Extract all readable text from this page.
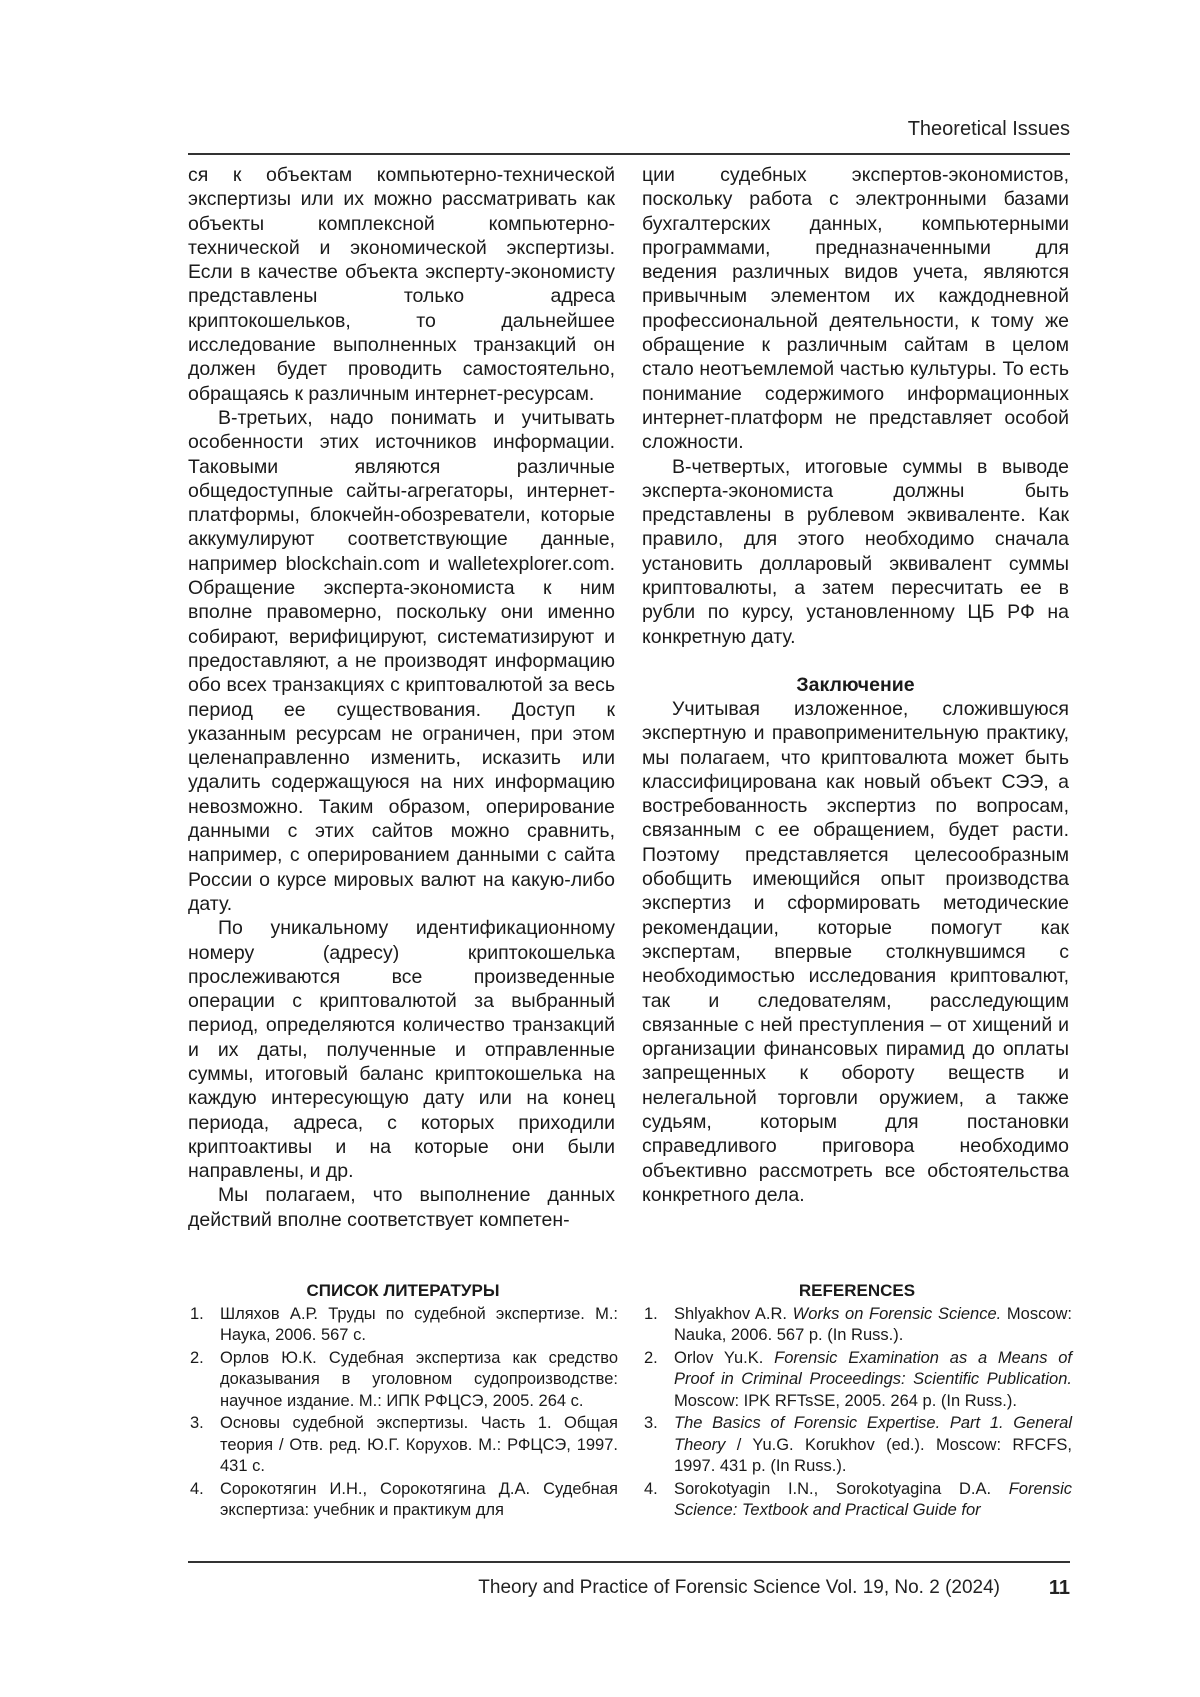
Theoretical Issues

ся к объектам компьютерно-технической экспертизы или их можно рассматривать как объекты комплексной компьютерно-технической и экономической экспертизы. Если в качестве объекта эксперту-экономисту представлены только адреса криптокошельков, то дальнейшее исследование выполненных транзакций он должен будет проводить самостоятельно, обращаясь к различным интернет-ресурсам.

В-третьих, надо понимать и учитывать особенности этих источников информации. Таковыми являются различные общедоступные сайты-агрегаторы, интернет-платформы, блокчейн-обозреватели, которые аккумулируют соответствующие данные, например blockchain.com и walletexplorer.com. Обращение эксперта-экономиста к ним вполне правомерно, поскольку они именно собирают, верифицируют, систематизируют и предоставляют, а не производят информацию обо всех транзакциях с криптовалютой за весь период ее существования. Доступ к указанным ресурсам не ограничен, при этом целенаправленно изменить, исказить или удалить содержащуюся на них информацию невозможно. Таким образом, оперирование данными с этих сайтов можно сравнить, например, с оперированием данными с сайта России о курсе мировых валют на какую-либо дату.

По уникальному идентификационному номеру (адресу) криптокошелька прослеживаются все произведенные операции с криптовалютой за выбранный период, определяются количество транзакций и их даты, полученные и отправленные суммы, итоговый баланс криптокошелька на каждую интересующую дату или на конец периода, адреса, с которых приходили криптоактивы и на которые они были направлены, и др.

Мы полагаем, что выполнение данных действий вполне соответствует компетен-

ции судебных экспертов-экономистов, поскольку работа с электронными базами бухгалтерских данных, компьютерными программами, предназначенными для ведения различных видов учета, являются привычным элементом их каждодневной профессиональной деятельности, к тому же обращение к различным сайтам в целом стало неотъемлемой частью культуры. То есть понимание содержимого информационных интернет-платформ не представляет особой сложности.

В-четвертых, итоговые суммы в выводе эксперта-экономиста должны быть представлены в рублевом эквиваленте. Как правило, для этого необходимо сначала установить долларовый эквивалент суммы криптовалюты, а затем пересчитать ее в рубли по курсу, установленному ЦБ РФ на конкретную дату.

Заключение

Учитывая изложенное, сложившуюся экспертную и правоприменительную практику, мы полагаем, что криптовалюта может быть классифицирована как новый объект СЭЭ, а востребованность экспертиз по вопросам, связанным с ее обращением, будет расти. Поэтому представляется целесообразным обобщить имеющийся опыт производства экспертиз и сформировать методические рекомендации, которые помогут как экспертам, впервые столкнувшимся с необходимостью исследования криптовалют, так и следователям, расследующим связанные с ней преступления – от хищений и организации финансовых пирамид до оплаты запрещенных к обороту веществ и нелегальной торговли оружием, а также судьям, которым для постановки справедливого приговора необходимо объективно рассмотреть все обстоятельства конкретного дела.

СПИСОК ЛИТЕРАТУРЫ
1. Шляхов А.Р. Труды по судебной экспертизе. М.: Наука, 2006. 567 с.
2. Орлов Ю.К. Судебная экспертиза как средство доказывания в уголовном судопроизводстве: научное издание. М.: ИПК РФЦСЭ, 2005. 264 с.
3. Основы судебной экспертизы. Часть 1. Общая теория / Отв. ред. Ю.Г. Корухов. М.: РФЦСЭ, 1997. 431 с.
4. Сорокотягин И.Н., Сорокотягина Д.А. Судебная экспертиза: учебник и практикум для
REFERENCES
1. Shlyakhov A.R. Works on Forensic Science. Moscow: Nauka, 2006. 567 p. (In Russ.).
2. Orlov Yu.K. Forensic Examination as a Means of Proof in Criminal Proceedings: Scientific Publication. Moscow: IPK RFTsSE, 2005. 264 p. (In Russ.).
3. The Basics of Forensic Expertise. Part 1. General Theory / Yu.G. Korukhov (ed.). Moscow: RFCFS, 1997. 431 p. (In Russ.).
4. Sorokotyagin I.N., Sorokotyagina D.A. Forensic Science: Textbook and Practical Guide for
Theory and Practice of Forensic Science Vol. 19, No. 2 (2024) 11
